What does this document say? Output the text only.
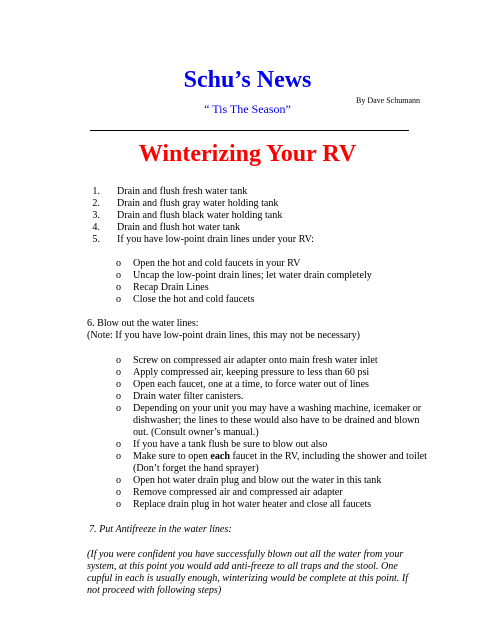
Schu’s News
By Dave Schumann
“ Tis The Season”
Winterizing Your RV
1. Drain and flush fresh water tank
2. Drain and flush gray water holding tank
3. Drain and flush black water holding tank
4. Drain and flush hot water tank
5. If you have low-point drain lines under your RV:
o Open the hot and cold faucets in your RV
o Uncap the low-point drain lines; let water drain completely
o Recap Drain Lines
o Close the hot and cold faucets
6. Blow out the water lines:
(Note: If you have low-point drain lines, this may not be necessary)
o Screw on compressed air adapter onto main fresh water inlet
o Apply compressed air, keeping pressure to less than 60 psi
o Open each faucet, one at a time, to force water out of lines
o Drain water filter canisters.
o Depending on your unit you may have a washing machine, icemaker or
dishwasher; the lines to these would also have to be drained and blown
out. (Consult owner’s manual.)
o If you have a tank flush be sure to blow out also
o Make sure to open each faucet in the RV, including the shower and toilet
(Don’t forget the hand sprayer)
o Open hot water drain plug and blow out the water in this tank
o Remove compressed air and compressed air adapter
o Replace drain plug in hot water heater and close all faucets
7. Put Antifreeze in the water lines:
(If you were confident you have successfully blown out all the water from your
system, at this point you would add anti-freeze to all traps and the stool. One
cupful in each is usually enough, winterizing would be complete at this point. If
not proceed with following steps)
